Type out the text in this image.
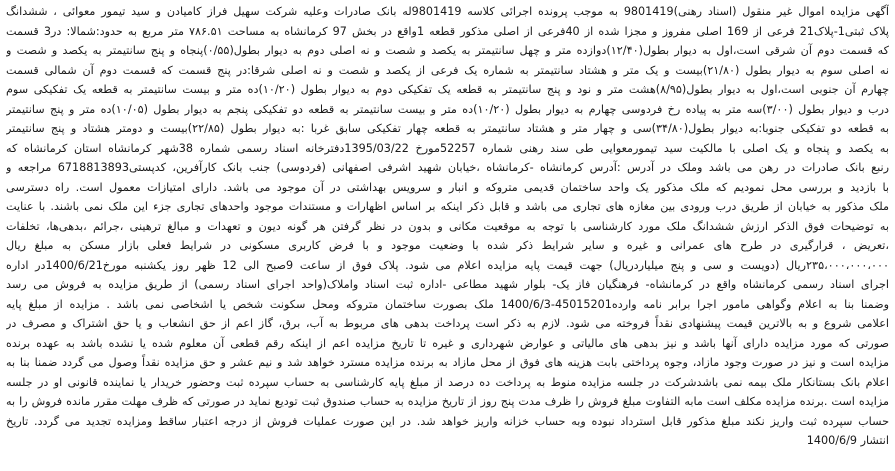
آگهی مزایده اموال غیر منقول (اسناد رهنی)9801419 به موجب پرونده اجرائی کلاسه 9801419له بانک صادرات وعلیه شرکت سهیل فراز کامیادن و سید تیمور معوائی ، ششدانگ
پلاک ثبتی1-پلاک21 فرعی از 169 اصلی مفروز و مجزا شده از 40فرعی از اصلی مذکور قطعه 1واقع در بخش 97 کرمانشاه به مساحت ۷۸۶.۵۱ متر مربع به حدود:شمالا: در3 قسمت
که قسمت دوم آن شرقی است،اول به دیوار بطول(۱۲/۴۰)دوازده متر و چهل سانتیمتر به یکصد و شصت و نه اصلی دوم به دیوار بطول(۰/۵۵)پنجاه و پنج سانتیمتر به یکصد و شصت و
نه اصلی سوم به دیوار بطول (۲۱/۸۰)بیست و یک متر و هشتاد سانتیمتر به شماره یک فرعی از یکصد و شصت و نه اصلی شرقا:در پنج قسمت که قسمت دوم آن شمالی قسمت
چهارم آن جنوبی است،اول به دیوار بطول(۸/۹۵)هشت متر و نود و پنج سانتیمتر به قطعه یک تفکیکی دوم به دیوار بطول (۱۰/۲۰)ده متر و بیست سانتیمتر به قطعه یک تفکیکی سوم
درب و دیوار بطول (۳/۰۰)سه متر به پیاده رخ فردوسی چهارم به دیوار بطول (۱۰/۲۰)ده متر و بیست سانتیمتر به قطعه دو تفکیکی پنجم به دیوار بطول (۱۰/۰۵)ده متر و پنج سانتیمتر
به قطعه دو تفکیکی جنوبا:به دیوار بطول(۳۴/۸۰)سی و چهار متر و هشتاد سانتیمتر به قطعه چهار تفکیکی سابق غربا :به دیوار بطول (۲۲/۸۵)بیست و دومتر هشتاد و پنج سانتیمتر
به یکصد و پنجاه و یک اصلی با مالکیت سید تیمورمعوایی طی سند رهنی شماره 52257مورخ 1395/03/22دفترخانه اسناد رسمی شماره 38شهر کرمانشاه استان کرمانشاه که
رنبع بانک صادرات در رهن می باشد وملک در آدرس :آدرس کرمانشاه -کرمانشاه ،خیابان شهید اشرفی اصفهانی (فردوسی) جنب بانک کارآفرین، کدپستی6718813893 مراجعه و
با بازدید و بررسی محل نمودیم که ملک مذکور یک واحد ساختمان قدیمی متروکه و انبار و سرویس بهداشتی در آن موجود می باشد. دارای امتیازات معمول است. راه دسترسی
ملک مذکور به خیابان از طریق درب ورودی بین مغازه های تجاری می باشد و قابل ذکر اینکه بر اساس اظهارات و مستندات موجود واحدهای تجاری جزء این ملک نمی باشند. با عنایت
به توضیحات فوق الذکر ارزش ششدانگ ملک مورد کارشناسی با توجه به موقعیت مکانی و بدون در نظر گرفتن هر گونه دیون و تعهدات و مبالغ ترهینی ،جرائم ،بدهی‌ها، تخلفات
،تعریض ، قرارگیری در طرح های عمرانی و غیره و سایر شرایط ذکر شده با وضعیت موجود و با فرض کاربری مسکونی در شرایط فعلی بازار مسکن به مبلغ ریال
۲۳۵،۰۰۰،۰۰۰،۰۰۰ریال (دویست و سی و پنج میلیاردریال) جهت قیمت پایه مزایده اعلام می شود. پلاک فوق از ساعت 9صبح الی 12 ظهر روز یکشنبه مورخ1400/6/21در اداره
اجرای اسناد رسمی کرمانشاه واقع در کرمانشاه- فرهنگیان فاز یک- بلوار شهید مطاعی -اداره ثبت اسناد واملاک(واحد اجرای اسناد رسمی) از طریق مزایده به فروش می رسد
وضمنا بنا به اعلام وگواهی مامور اجرا برابر نامه وارده45015201-1400/6/3 ملک بصورت ساختمان متروکه ومحل سکونت شخص یا اشخاصی نمی باشد . مزایده از مبلغ پایه
اعلامی شروع و به بالاترین قیمت پیشنهادی نقداً فروخته می شود. لازم به ذکر است پرداخت بدهی های مربوط به آب، برق، گاز اعم از حق انشعاب و یا حق اشتراک و مصرف در
صورتی که مورد مزایده دارای آنها باشد و نیز بدهی های مالیاتی و عوارض شهرداری و غیره تا تاریخ مزایده اعم از اینکه رقم قطعی آن معلوم شده یا نشده باشد به عهده برنده
مزایده است و نیز در صورت وجود مازاد، وجوه پرداختی بابت هزینه های فوق از محل مازاد به برنده مزایده مسترد خواهد شد و نیم عشر و حق مزایده نقداً وصول می گردد ضمنا بنا به
اعلام بانک بستانکار ملک بیمه نمی باشدشرکت در جلسه مزایده منوط به پرداخت ده درصد از مبلغ پایه کارشناسی به حساب سپرده ثبت وحضور خریدار یا نماینده قانونی او در جلسه
مزایده است .برنده مزایده مکلف است مابه التفاوت مبلغ فروش را ظرف مدت پنج روز از تاریخ مزایده به حساب صندوق ثبت تودیع نماید در صورتی که ظرف مهلت مقرر مانده فروش را به
حساب سپرده ثبت واریز نکند مبلغ مذکور قابل استرداد نبوده وبه حساب خزانه واریز خواهد شد. در این صورت عملیات فروش از درجه اعتبار ساقط ومزایده تجدید می گردد. تاریخ
انتشار 1400/6/9
